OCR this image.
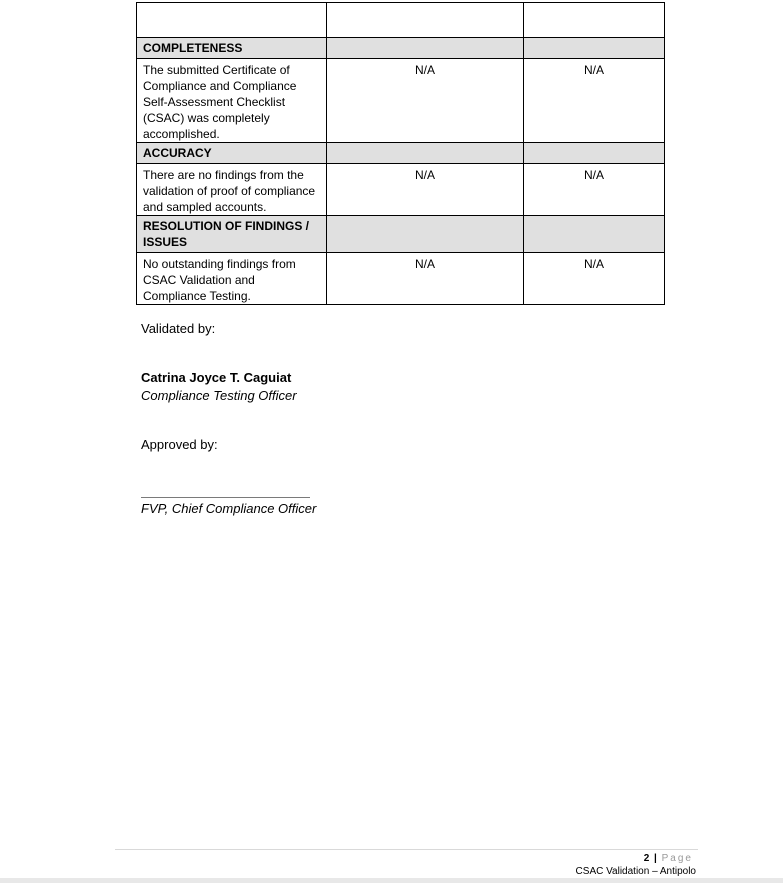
COMPLETENESS		
The submitted Certificate of Compliance and Compliance Self-Assessment Checklist (CSAC) was completely accomplished.	N/A	N/A
ACCURACY		
There are no findings from the validation of proof of compliance and sampled accounts.	N/A	N/A
RESOLUTION OF FINDINGS / ISSUES		
No outstanding findings from CSAC Validation and Compliance Testing.	N/A	N/A
Validated by:
Catrina Joyce T. Caguiat
Compliance Testing Officer
Approved by:
FVP, Chief Compliance Officer
2 | Page
CSAC Validation – Antipolo
